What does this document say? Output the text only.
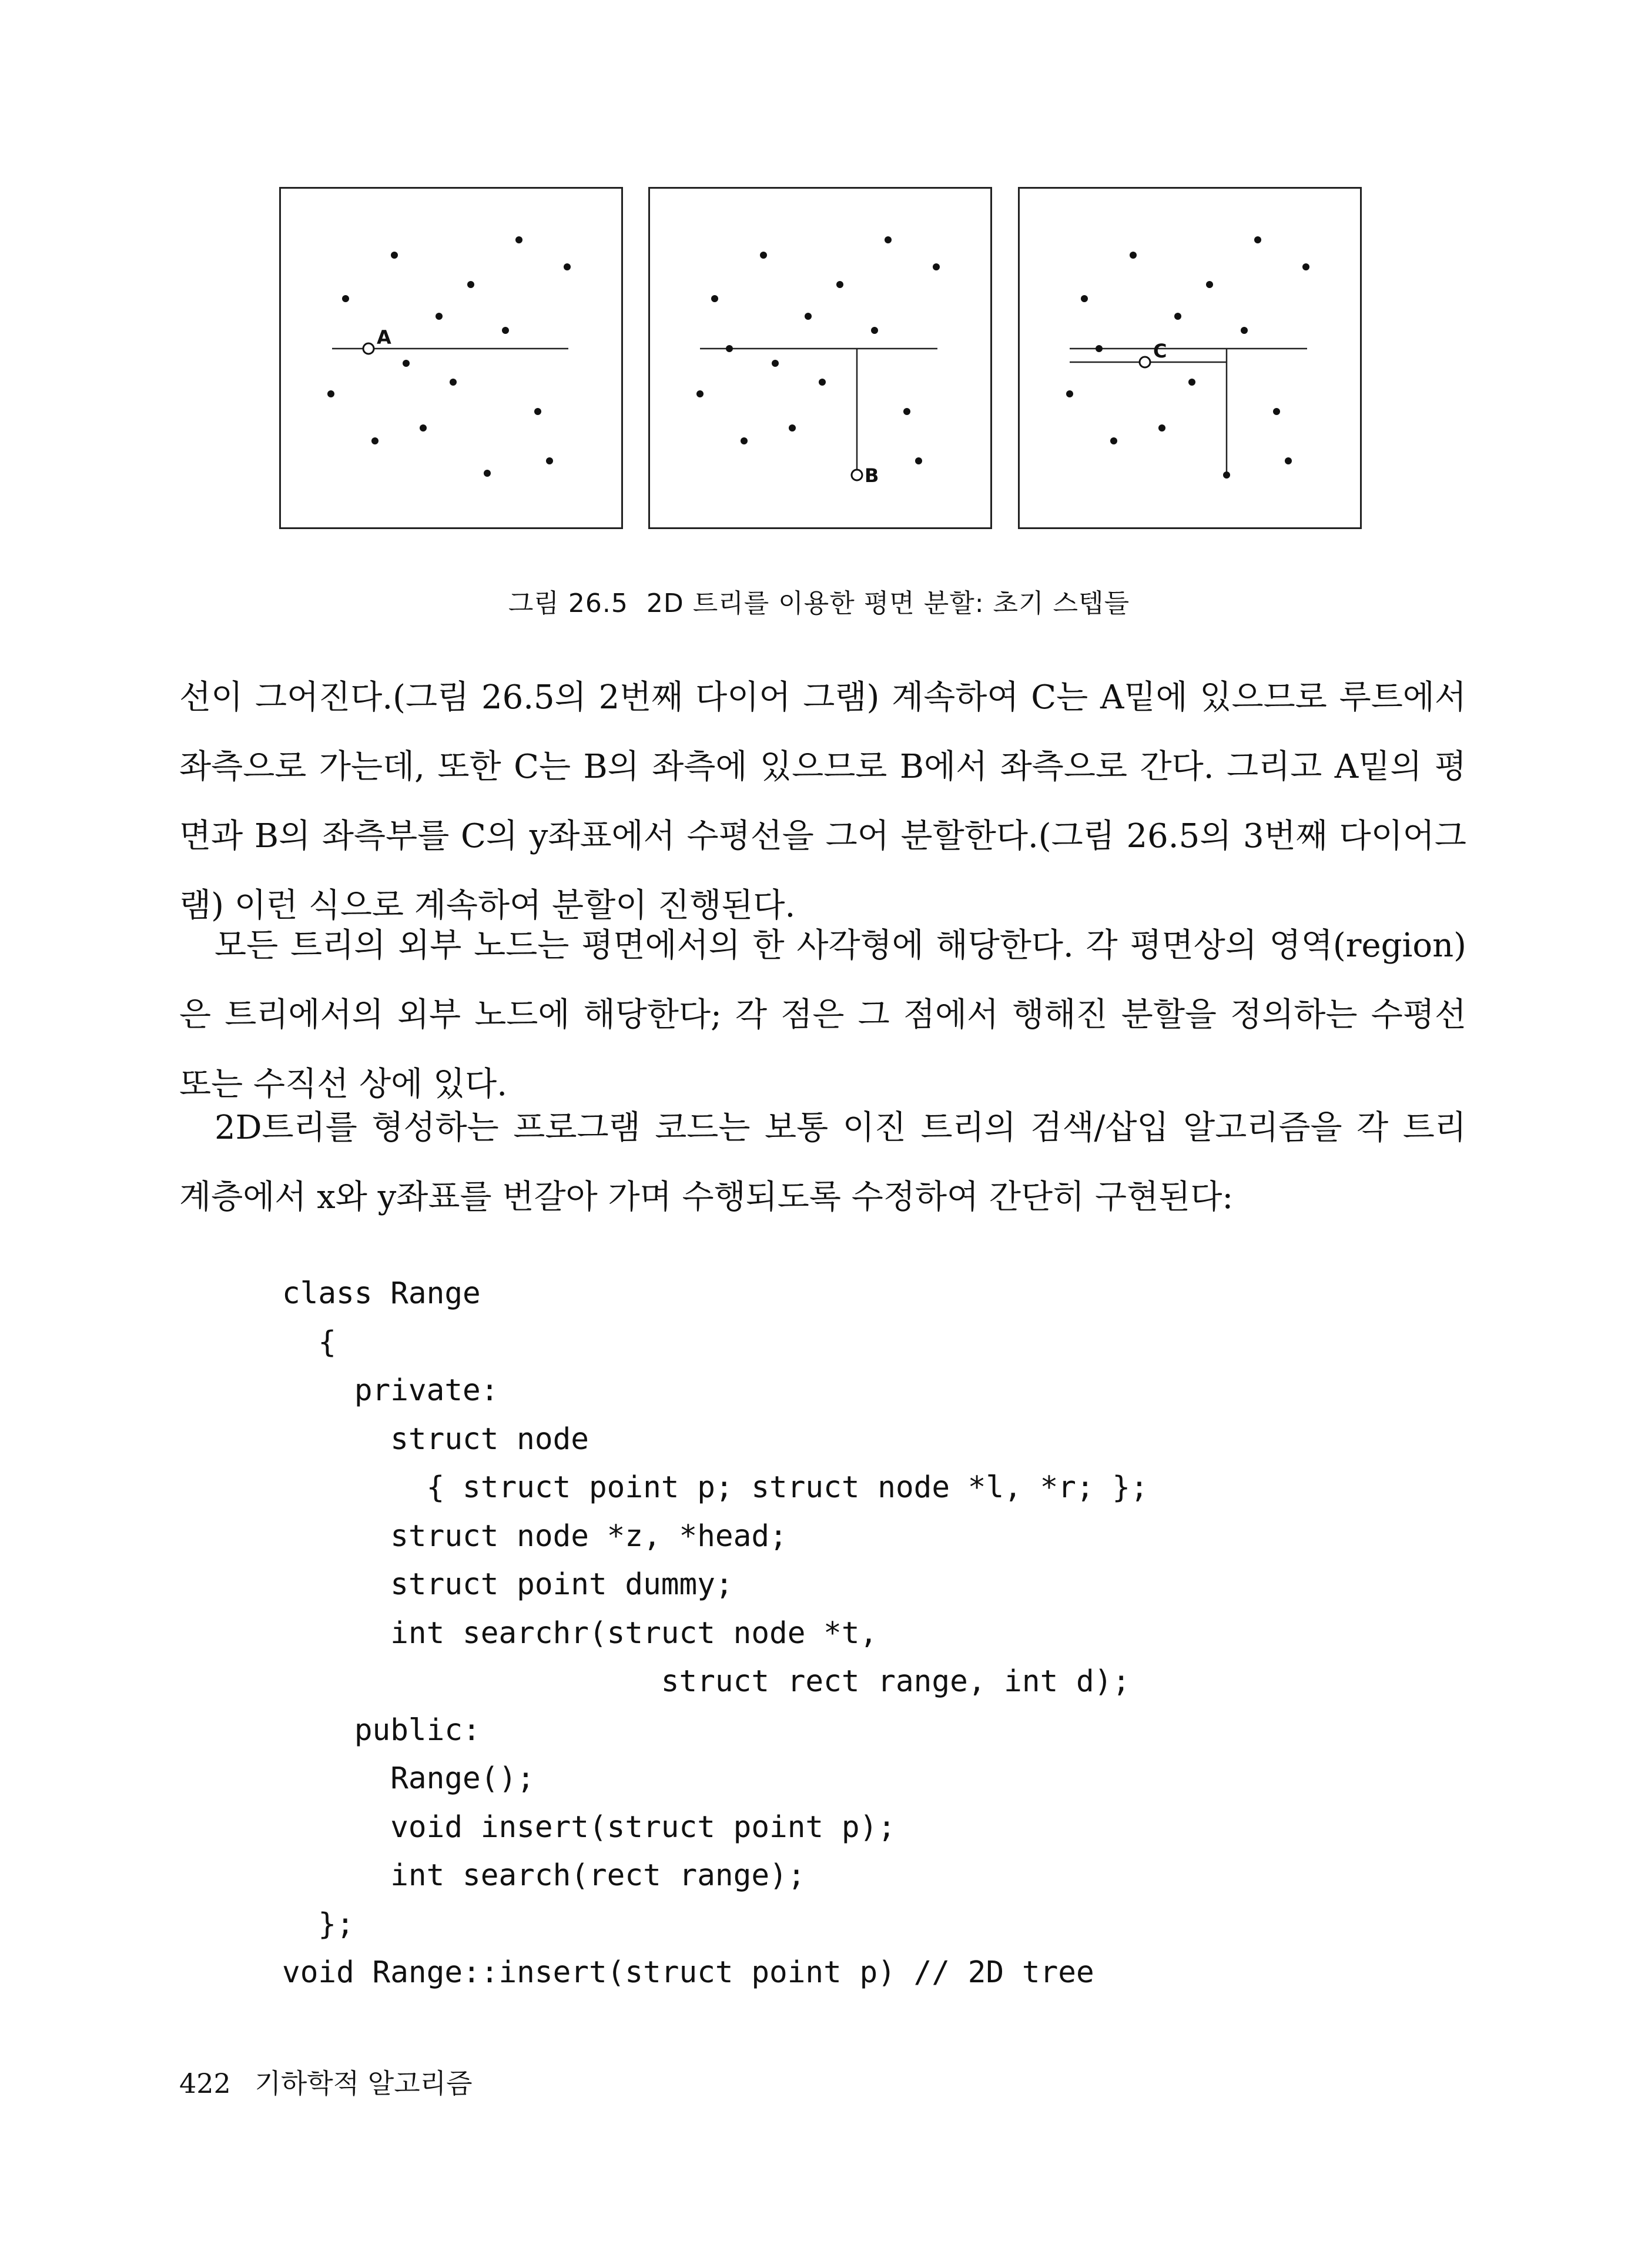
A
B
C
그림 26.5 2D 트리를 이용한 평면 분할: 초기 스텝들

선이 그어진다.(그림 26.5의 2번째 다이어 그램) 계속하여 C는 A밑에 있으므로 루트에서 좌측으로 가는데, 또한 C는 B의 좌측에 있으므로 B에서 좌측으로 간다. 그리고 A밑의 평면과 B의 좌측부를 C의 y좌표에서 수평선을 그어 분할한다.(그림 26.5의 3번째 다이어그램) 이런 식으로 계속하여 분할이 진행된다.

모든 트리의 외부 노드는 평면에서의 한 사각형에 해당한다. 각 평면상의 영역(region)은 트리에서의 외부 노드에 해당한다; 각 점은 그 점에서 행해진 분할을 정의하는 수평선 또는 수직선 상에 있다.

2D트리를 형성하는 프로그램 코드는 보통 이진 트리의 검색/삽입 알고리즘을 각 트리 계층에서 x와 y좌표를 번갈아 가며 수행되도록 수정하여 간단히 구현된다:

class Range
{
private:
struct node
{ struct point p; struct node *l, *r; };
struct node *z, *head;
struct point dummy;
int searchr(struct node *t,
struct rect range, int d);
public:
Range();
void insert(struct point p);
int search(rect range);
};
void Range::insert(struct point p) // 2D tree
422 기하학적 알고리즘
